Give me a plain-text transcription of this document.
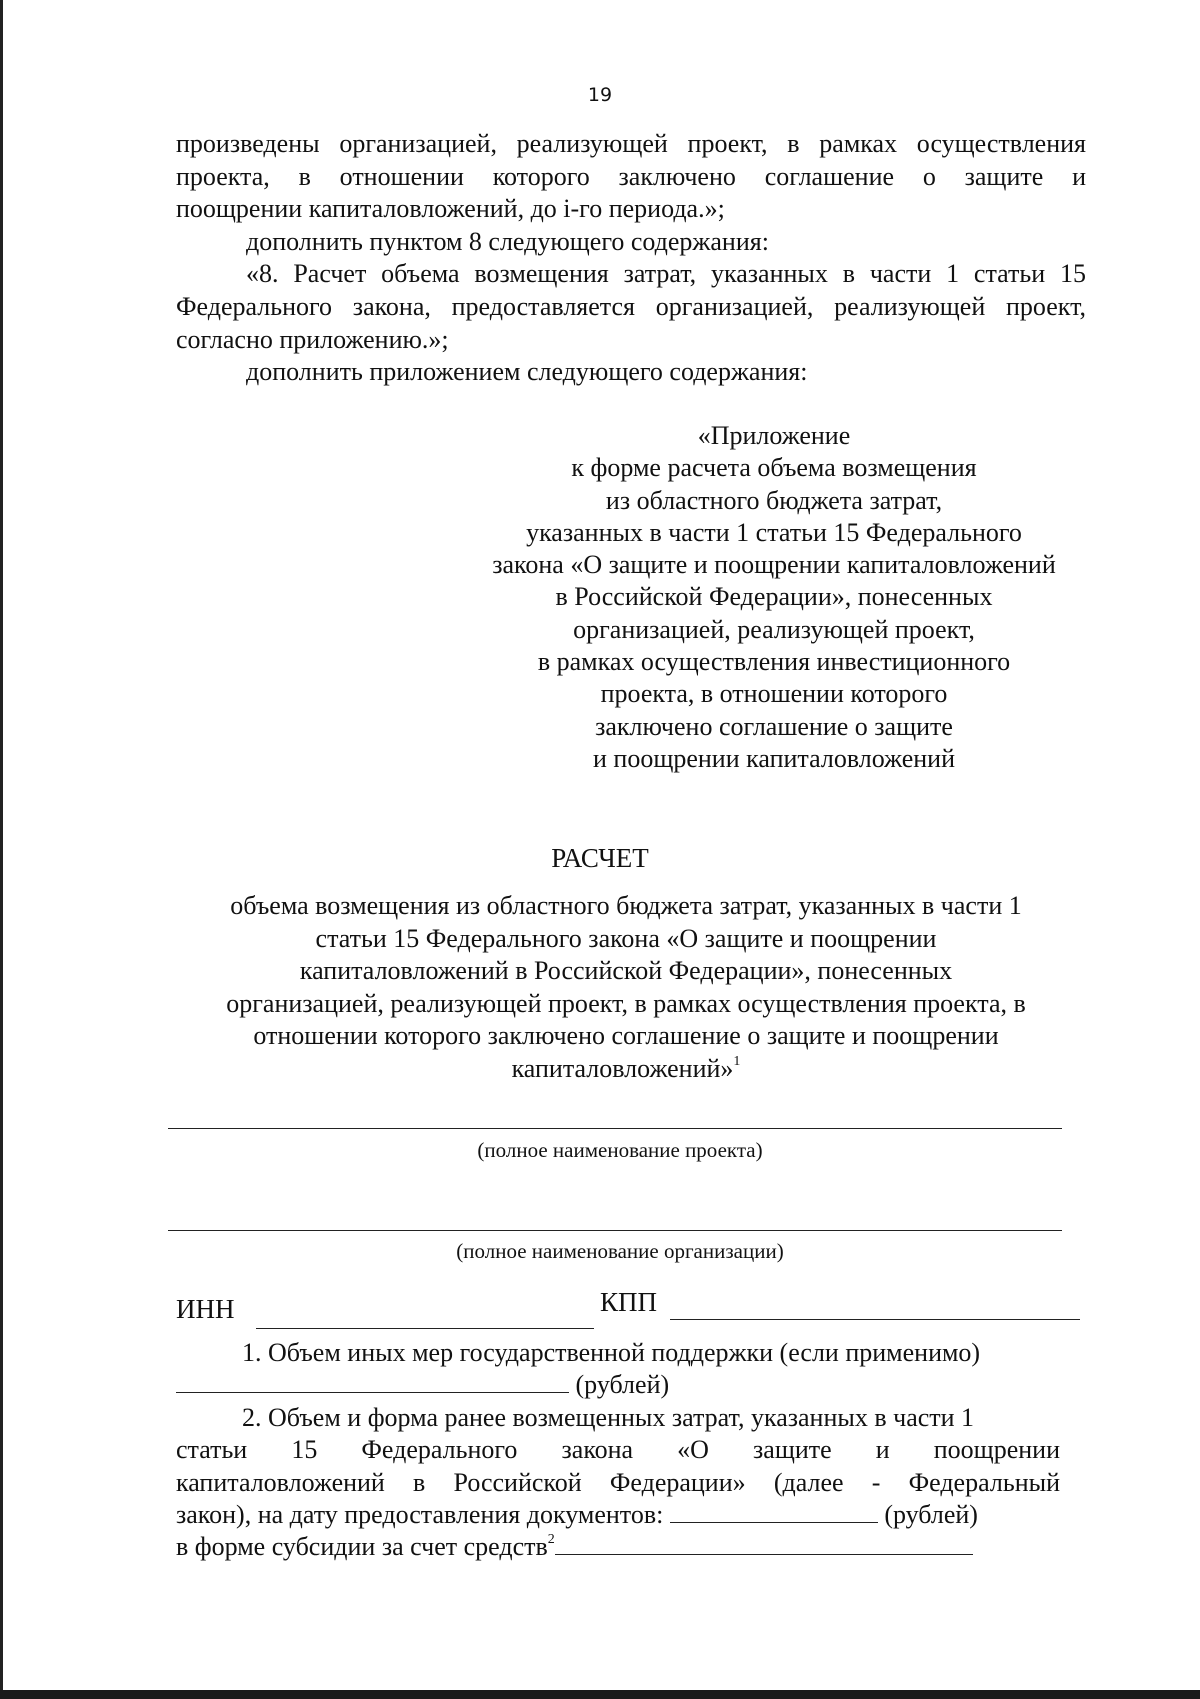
19
произведены организацией, реализующей проект, в рамках осуществления
проекта, в отношении которого заключено соглашение о защите и
поощрении капиталовложений, до i-го периода.»;
дополнить пунктом 8 следующего содержания:
«8. Расчет объема возмещения затрат, указанных в части 1 статьи 15
Федерального закона, предоставляется организацией, реализующей проект,
согласно приложению.»;
дополнить приложением следующего содержания:
«Приложение
к форме расчета объема возмещения
из областного бюджета затрат,
указанных в части 1 статьи 15 Федерального
закона «О защите и поощрении капиталовложений
в Российской Федерации», понесенных
организацией, реализующей проект,
в рамках осуществления инвестиционного
проекта, в отношении которого
заключено соглашение о защите
и поощрении капиталовложений
РАСЧЕТ
объема возмещения из областного бюджета затрат, указанных в части 1
статьи 15 Федерального закона «О защите и поощрении
капиталовложений в Российской Федерации», понесенных
организацией, реализующей проект, в рамках осуществления проекта, в
отношении которого заключено соглашение о защите и поощрении
капиталовложений»$^1$
(полное наименование проекта)
(полное наименование организации)
ИНН	КПП
1. Объем иных мер государственной поддержки (если применимо)
(рублей)
2. Объем и форма ранее возмещенных затрат, указанных в части 1
статьи 15 Федерального закона «О защите и поощрении
капиталовложений в Российской Федерации» (далее - Федеральный
закон), на дату предоставления документов:	(рублей)
в форме субсидии за счет средств$^2$
